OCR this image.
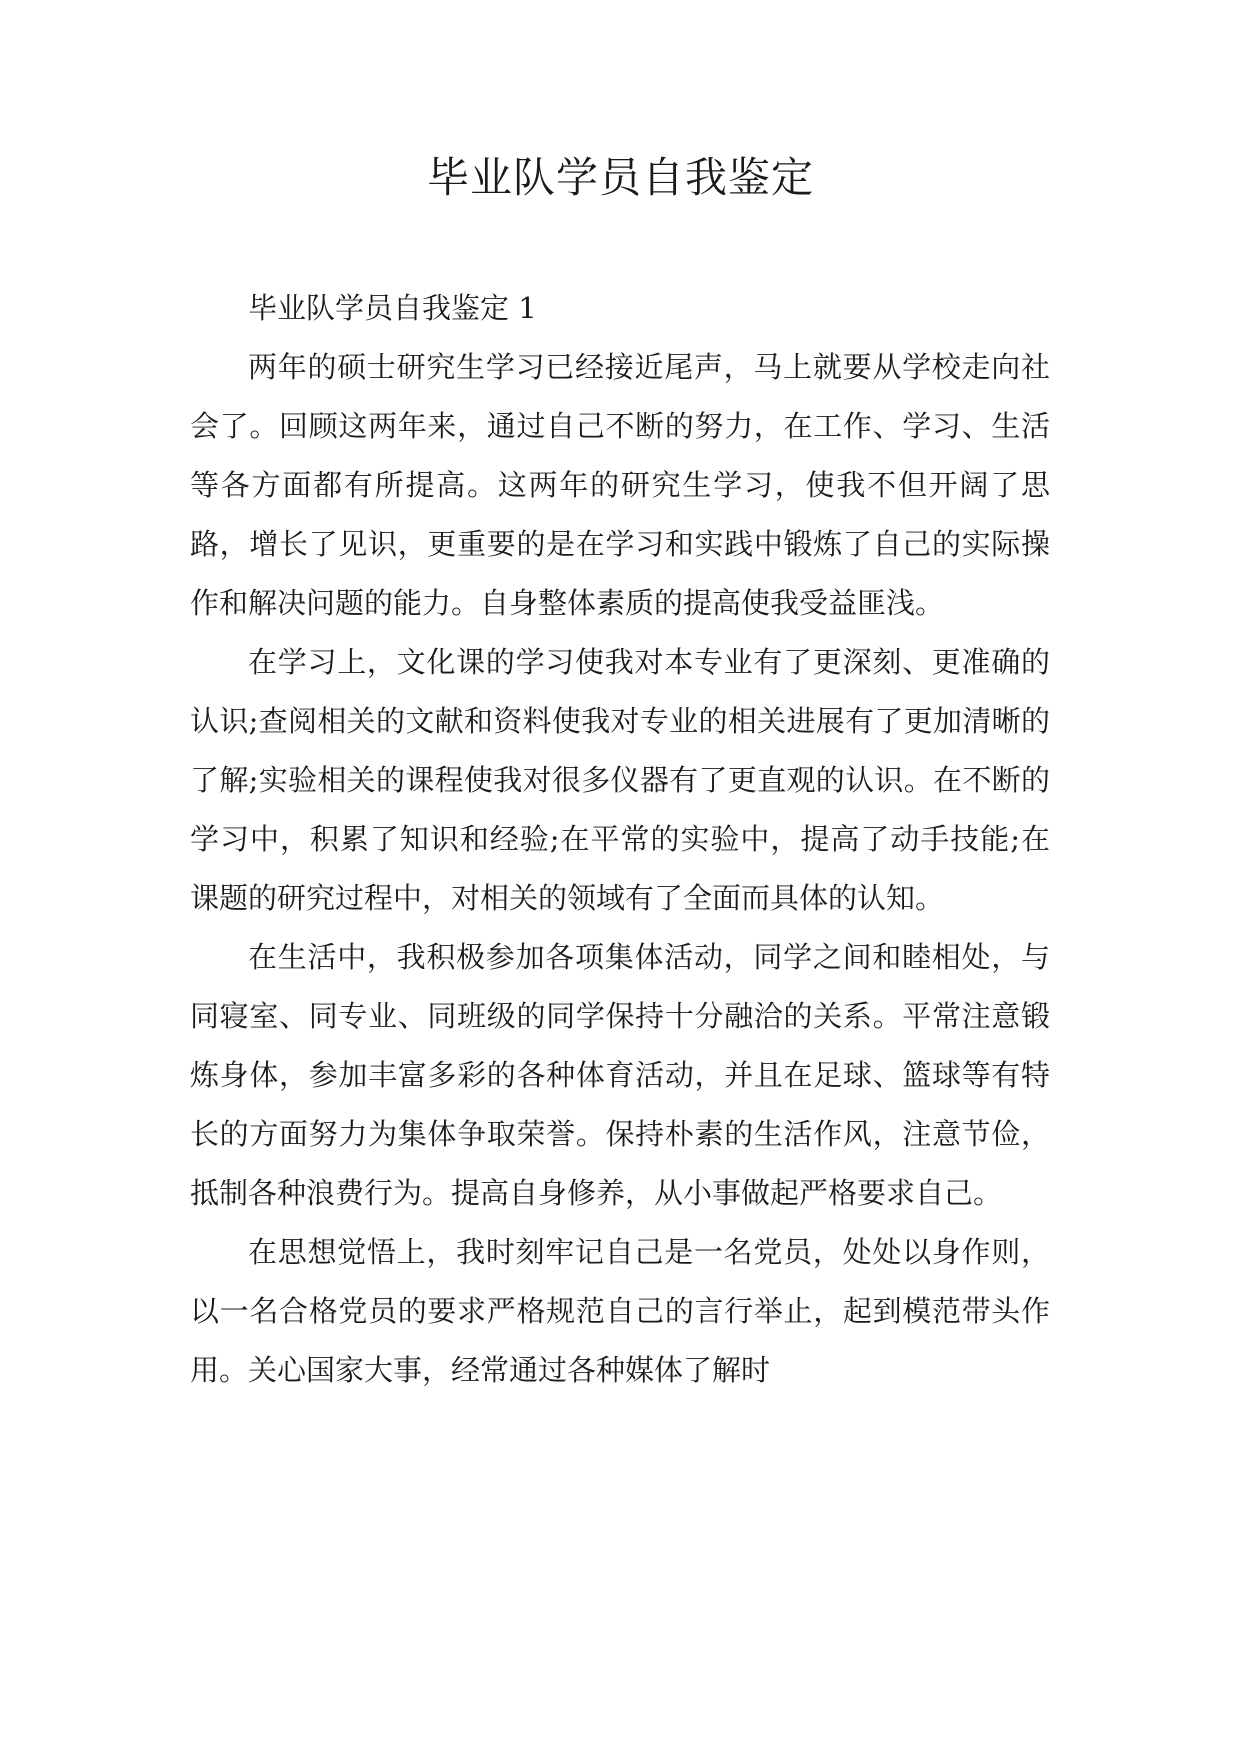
毕业队学员自我鉴定

毕业队学员自我鉴定 1

两年的硕士研究生学习已经接近尾声，马上就要从学校走向社会了。回顾这两年来，通过自己不断的努力，在工作、学习、生活等各方面都有所提高。这两年的研究生学习，使我不但开阔了思路，增长了见识，更重要的是在学习和实践中锻炼了自己的实际操作和解决问题的能力。自身整体素质的提高使我受益匪浅。

在学习上，文化课的学习使我对本专业有了更深刻、更准确的认识;查阅相关的文献和资料使我对专业的相关进展有了更加清晰的了解;实验相关的课程使我对很多仪器有了更直观的认识。在不断的学习中，积累了知识和经验;在平常的实验中，提高了动手技能;在课题的研究过程中，对相关的领域有了全面而具体的认知。

在生活中，我积极参加各项集体活动，同学之间和睦相处，与同寝室、同专业、同班级的同学保持十分融洽的关系。平常注意锻炼身体，参加丰富多彩的各种体育活动，并且在足球、篮球等有特长的方面努力为集体争取荣誉。保持朴素的生活作风，注意节俭，抵制各种浪费行为。提高自身修养，从小事做起严格要求自己。

在思想觉悟上，我时刻牢记自己是一名党员，处处以身作则，以一名合格党员的要求严格规范自己的言行举止，起到模范带头作用。关心国家大事，经常通过各种媒体了解时
